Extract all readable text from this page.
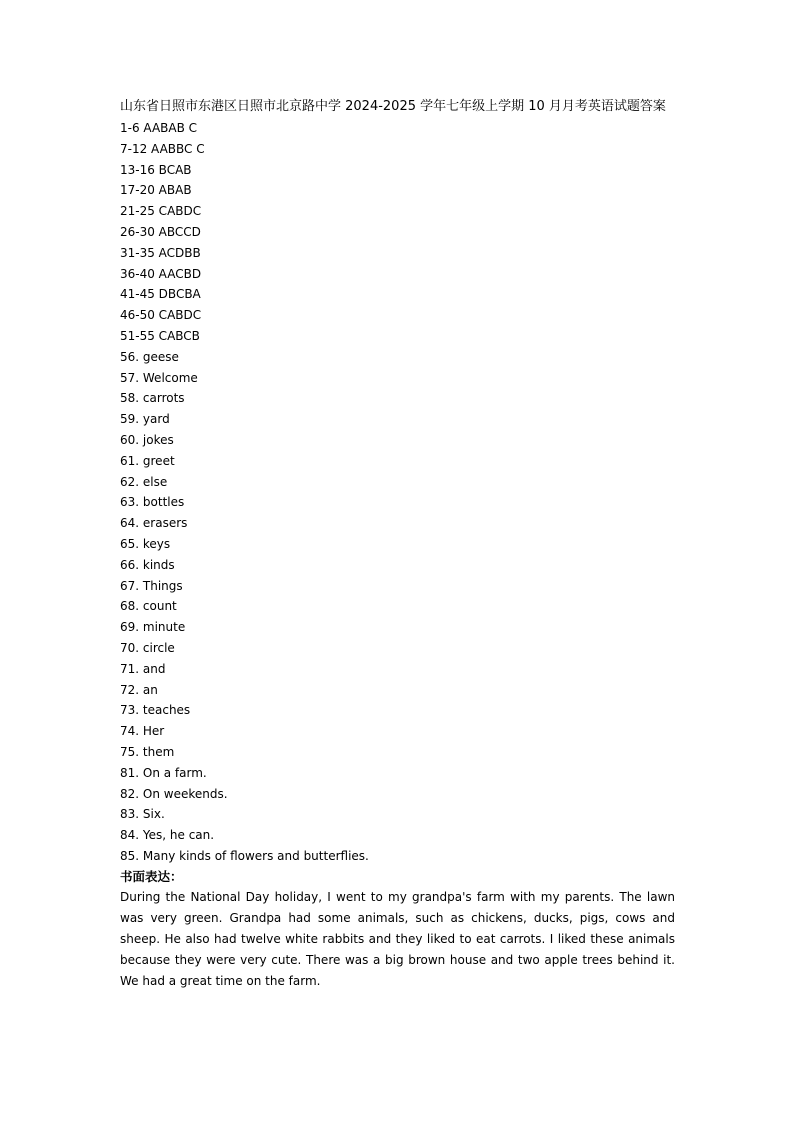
山东省日照市东港区日照市北京路中学 2024-2025 学年七年级上学期 10 月月考英语试题答案
1-6 AABAB C
7-12 AABBC C
13-16 BCAB
17-20 ABAB
21-25 CABDC
26-30 ABCCD
31-35 ACDBB
36-40 AACBD
41-45 DBCBA
46-50 CABDC
51-55 CABCB
56. geese
57. Welcome
58. carrots
59. yard
60. jokes
61. greet
62. else
63. bottles
64. erasers
65. keys
66. kinds
67. Things
68. count
69. minute
70. circle
71. and
72. an
73. teaches
74. Her
75. them
81. On a farm.
82. On weekends.
83. Six.
84. Yes, he can.
85. Many kinds of flowers and butterflies.
书面表达：

During the National Day holiday, I went to my grandpa's farm with my parents. The lawn was very green. Grandpa had some animals, such as chickens, ducks, pigs, cows and sheep. He also had twelve white rabbits and they liked to eat carrots. I liked these animals because they were very cute. There was a big brown house and two apple trees behind it. We had a great time on the farm.
